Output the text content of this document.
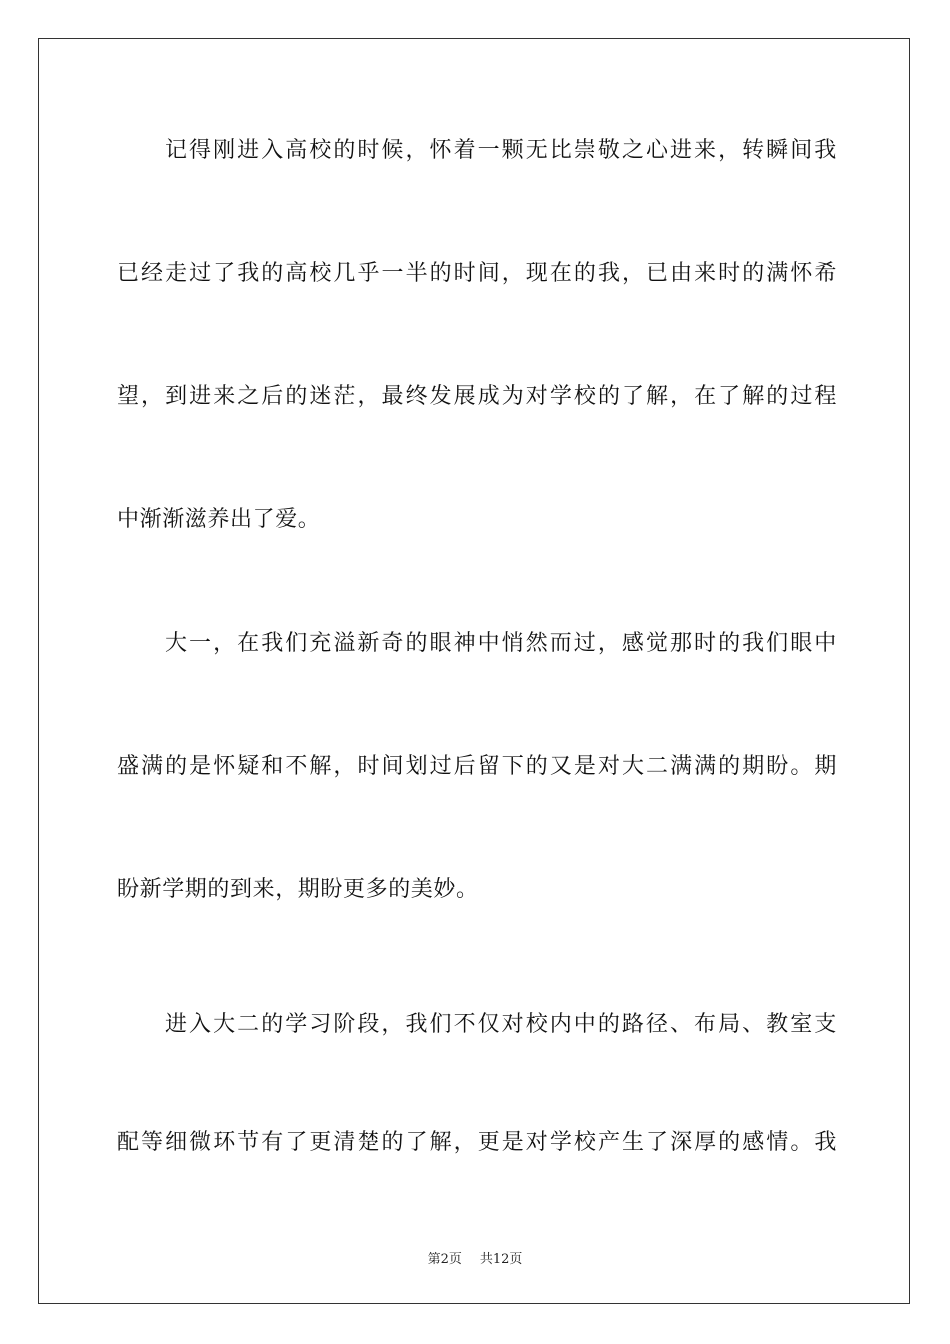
记 得 刚 进 入 高 校 的 时 候 ， 怀 着 一 颗 无 比 崇 敬 之 心 进 来 ， 转 瞬 间 我
已 经 走 过 了 我 的 高 校 几 乎 一 半 的 时 间 ， 现 在 的 我 ， 已 由 来 时 的 满 怀 希
望 ， 到 进 来 之 后 的 迷 茫 ， 最 终 发 展 成 为 对 学 校 的 了 解 ， 在 了 解 的 过 程
中渐渐滋养出了爱。
大 一 ， 在 我 们 充 溢 新 奇 的 眼 神 中 悄 然 而 过 ， 感 觉 那 时 的 我 们 眼 中
盛 满 的 是 怀 疑 和 不 解 ， 时 间 划 过 后 留 下 的 又 是 对 大 二 满 满 的 期 盼 。 期
盼新学期的到来，期盼更多的美妙。
进 入 大 二 的 学 习 阶 段 ， 我 们 不 仅 对 校 内 中 的 路 径 、 布 局 、 教 室 支
配 等 细 微 环 节 有 了 更 清 楚 的 了 解 ， 更 是 对 学 校 产 生 了 深 厚 的 感 情 。 我
第2页 共12页
